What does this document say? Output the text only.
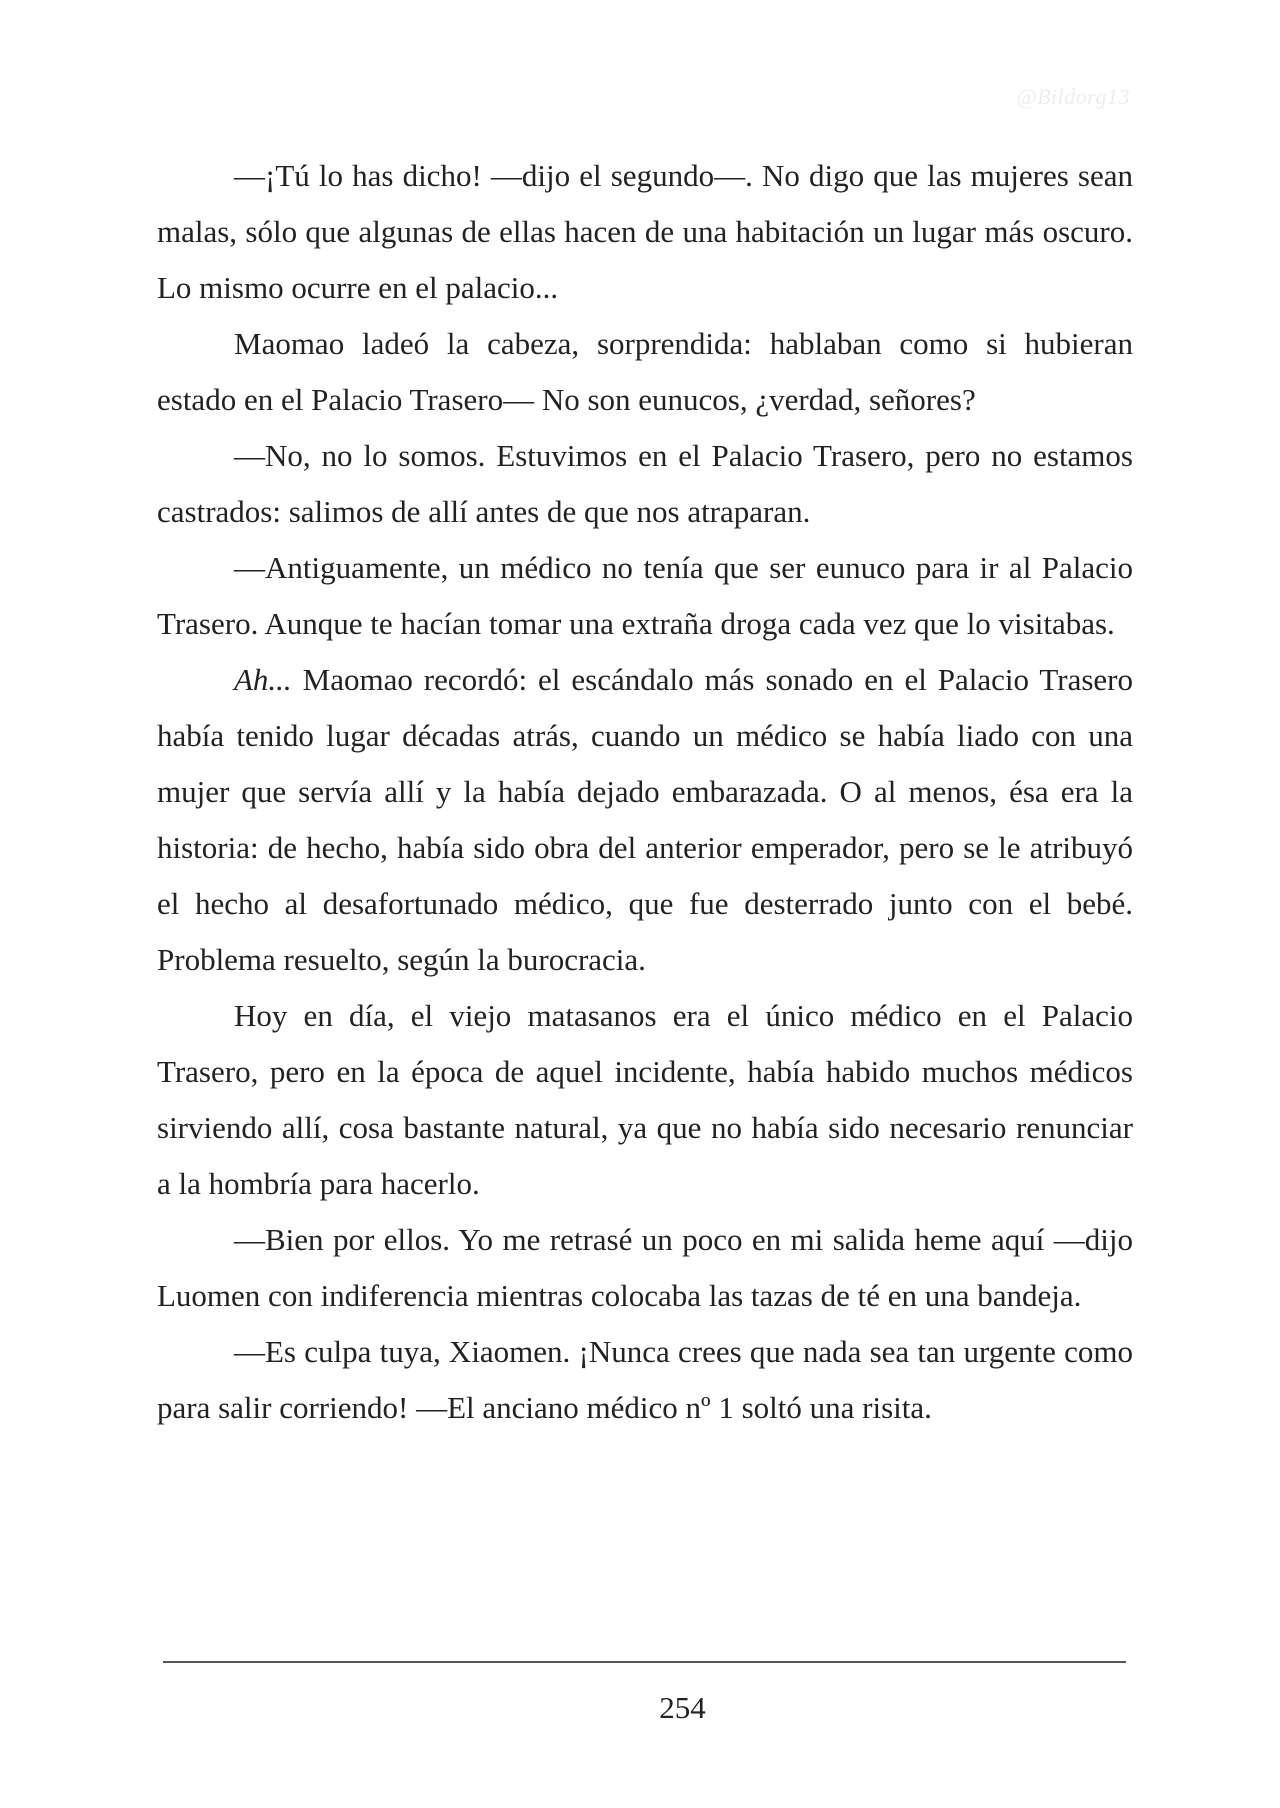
@Bildorg13

—¡Tú lo has dicho! —dijo el segundo—. No digo que las mujeres sean malas, sólo que algunas de ellas hacen de una habitación un lugar más oscuro. Lo mismo ocurre en el palacio...

Maomao ladeó la cabeza, sorprendida: hablaban como si hubieran estado en el Palacio Trasero— No son eunucos, ¿verdad, señores?

—No, no lo somos. Estuvimos en el Palacio Trasero, pero no estamos castrados: salimos de allí antes de que nos atraparan.

—Antiguamente, un médico no tenía que ser eunuco para ir al Palacio Trasero. Aunque te hacían tomar una extraña droga cada vez que lo visitabas.

Ah... Maomao recordó: el escándalo más sonado en el Palacio Trasero había tenido lugar décadas atrás, cuando un médico se había liado con una mujer que servía allí y la había dejado embarazada. O al menos, ésa era la historia: de hecho, había sido obra del anterior emperador, pero se le atribuyó el hecho al desafortunado médico, que fue desterrado junto con el bebé. Problema resuelto, según la burocracia.

Hoy en día, el viejo matasanos era el único médico en el Palacio Trasero, pero en la época de aquel incidente, había habido muchos médicos sirviendo allí, cosa bastante natural, ya que no había sido necesario renunciar a la hombría para hacerlo.

—Bien por ellos. Yo me retrasé un poco en mi salida heme aquí —dijo Luomen con indiferencia mientras colocaba las tazas de té en una bandeja.

—Es culpa tuya, Xiaomen. ¡Nunca crees que nada sea tan urgente como para salir corriendo! —El anciano médico nº 1 soltó una risita.

254
